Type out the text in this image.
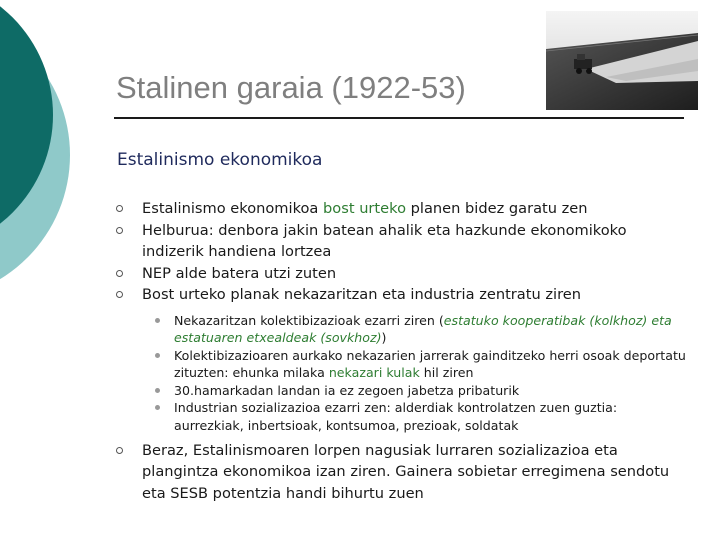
Stalinen garaia (1922-53)
Estalinismo ekonomikoa
Estalinismo ekonomikoa bost urteko planen bidez garatu zen
Helburua: denbora jakin batean ahalik eta hazkunde ekonomikoko indizerik handiena lortzea
NEP alde batera utzi zuten
Bost urteko planak nekazaritzan eta industria zentratu ziren
Nekazaritzan kolektibizazioak ezarri ziren (estatuko kooperatibak (kolkhoz) eta estatuaren etxealdeak (sovkhoz))
Kolektibizazioaren aurkako nekazarien jarrerak gainditzeko herri osoak deportatu zituzten: ehunka milaka nekazari kulak hil ziren
30.hamarkadan landan ia ez zegoen jabetza pribaturik
Industrian sozializazioa ezarri zen: alderdiak kontrolatzen zuen guztia: aurrezkiak, inbertsioak, kontsumoa, prezioak, soldatak
Beraz, Estalinismoaren lorpen nagusiak lurraren sozializazioa eta plangintza ekonomikoa izan ziren. Gainera sobietar erregimena sendotu eta SESB potentzia handi bihurtu zuen
